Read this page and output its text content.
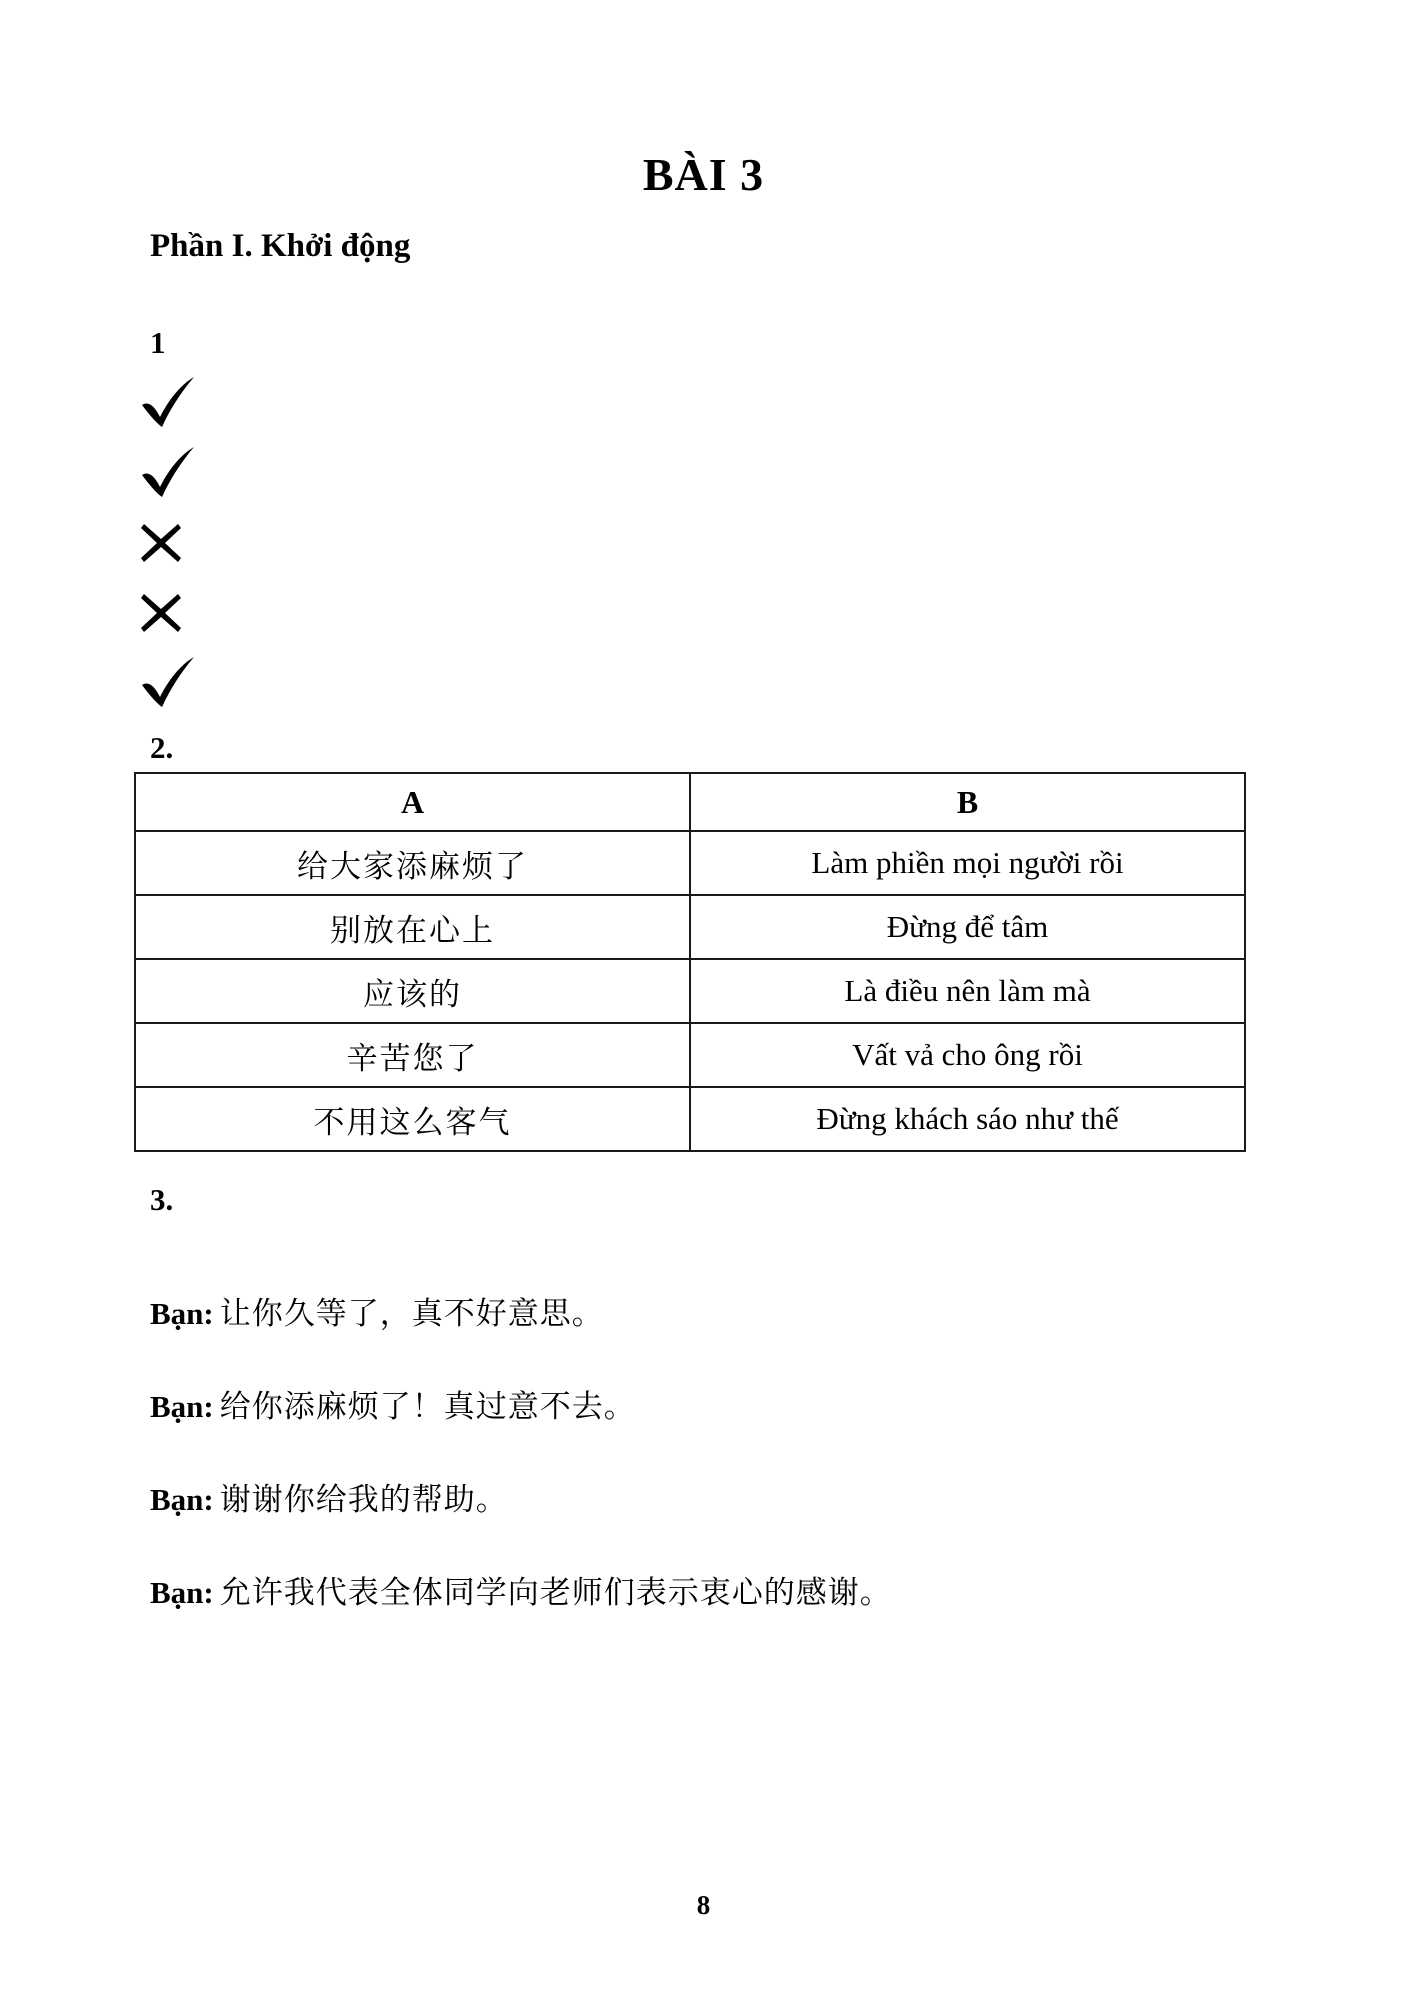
BÀI 3
Phần I. Khởi động
1
2.
A	B
给大家添麻烦了	Làm phiền mọi người rồi
别放在心上	Đừng để tâm
应该的	Là điều nên làm mà
辛苦您了	Vất vả cho ông rồi
不用这么客气	Đừng khách sáo như thế
3.
Bạn: 让你久等了，真不好意思。
Bạn: 给你添麻烦了！真过意不去。
Bạn: 谢谢你给我的帮助。
Bạn: 允许我代表全体同学向老师们表示衷心的感谢。
8
